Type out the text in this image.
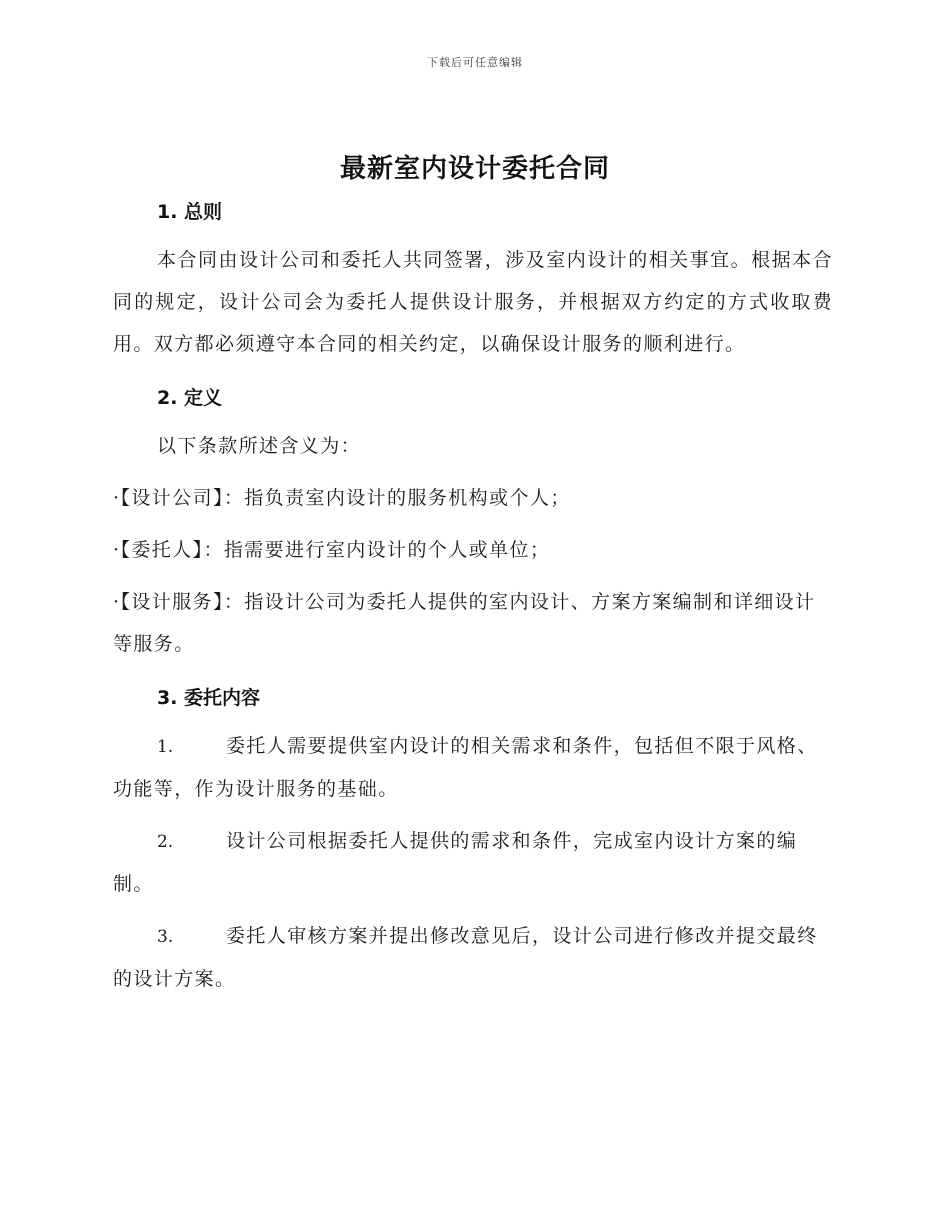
下载后可任意编辑
最新室内设计委托合同
1. 总则

本合同由设计公司和委托人共同签署，涉及室内设计的相关事宜。根据本合同的规定，设计公司会为委托人提供设计服务，并根据双方约定的方式收取费用。双方都必须遵守本合同的相关约定，以确保设计服务的顺利进行。

2. 定义

以下条款所述含义为：

·【设计公司】：指负责室内设计的服务机构或个人；

·【委托人】：指需要进行室内设计的个人或单位；

·【设计服务】：指设计公司为委托人提供的室内设计、方案方案编制和详细设计等服务。

3. 委托内容

1.	委托人需要提供室内设计的相关需求和条件，包括但不限于风格、功能等，作为设计服务的基础。

2.	设计公司根据委托人提供的需求和条件，完成室内设计方案的编制。

3.	委托人审核方案并提出修改意见后，设计公司进行修改并提交最终的设计方案。
